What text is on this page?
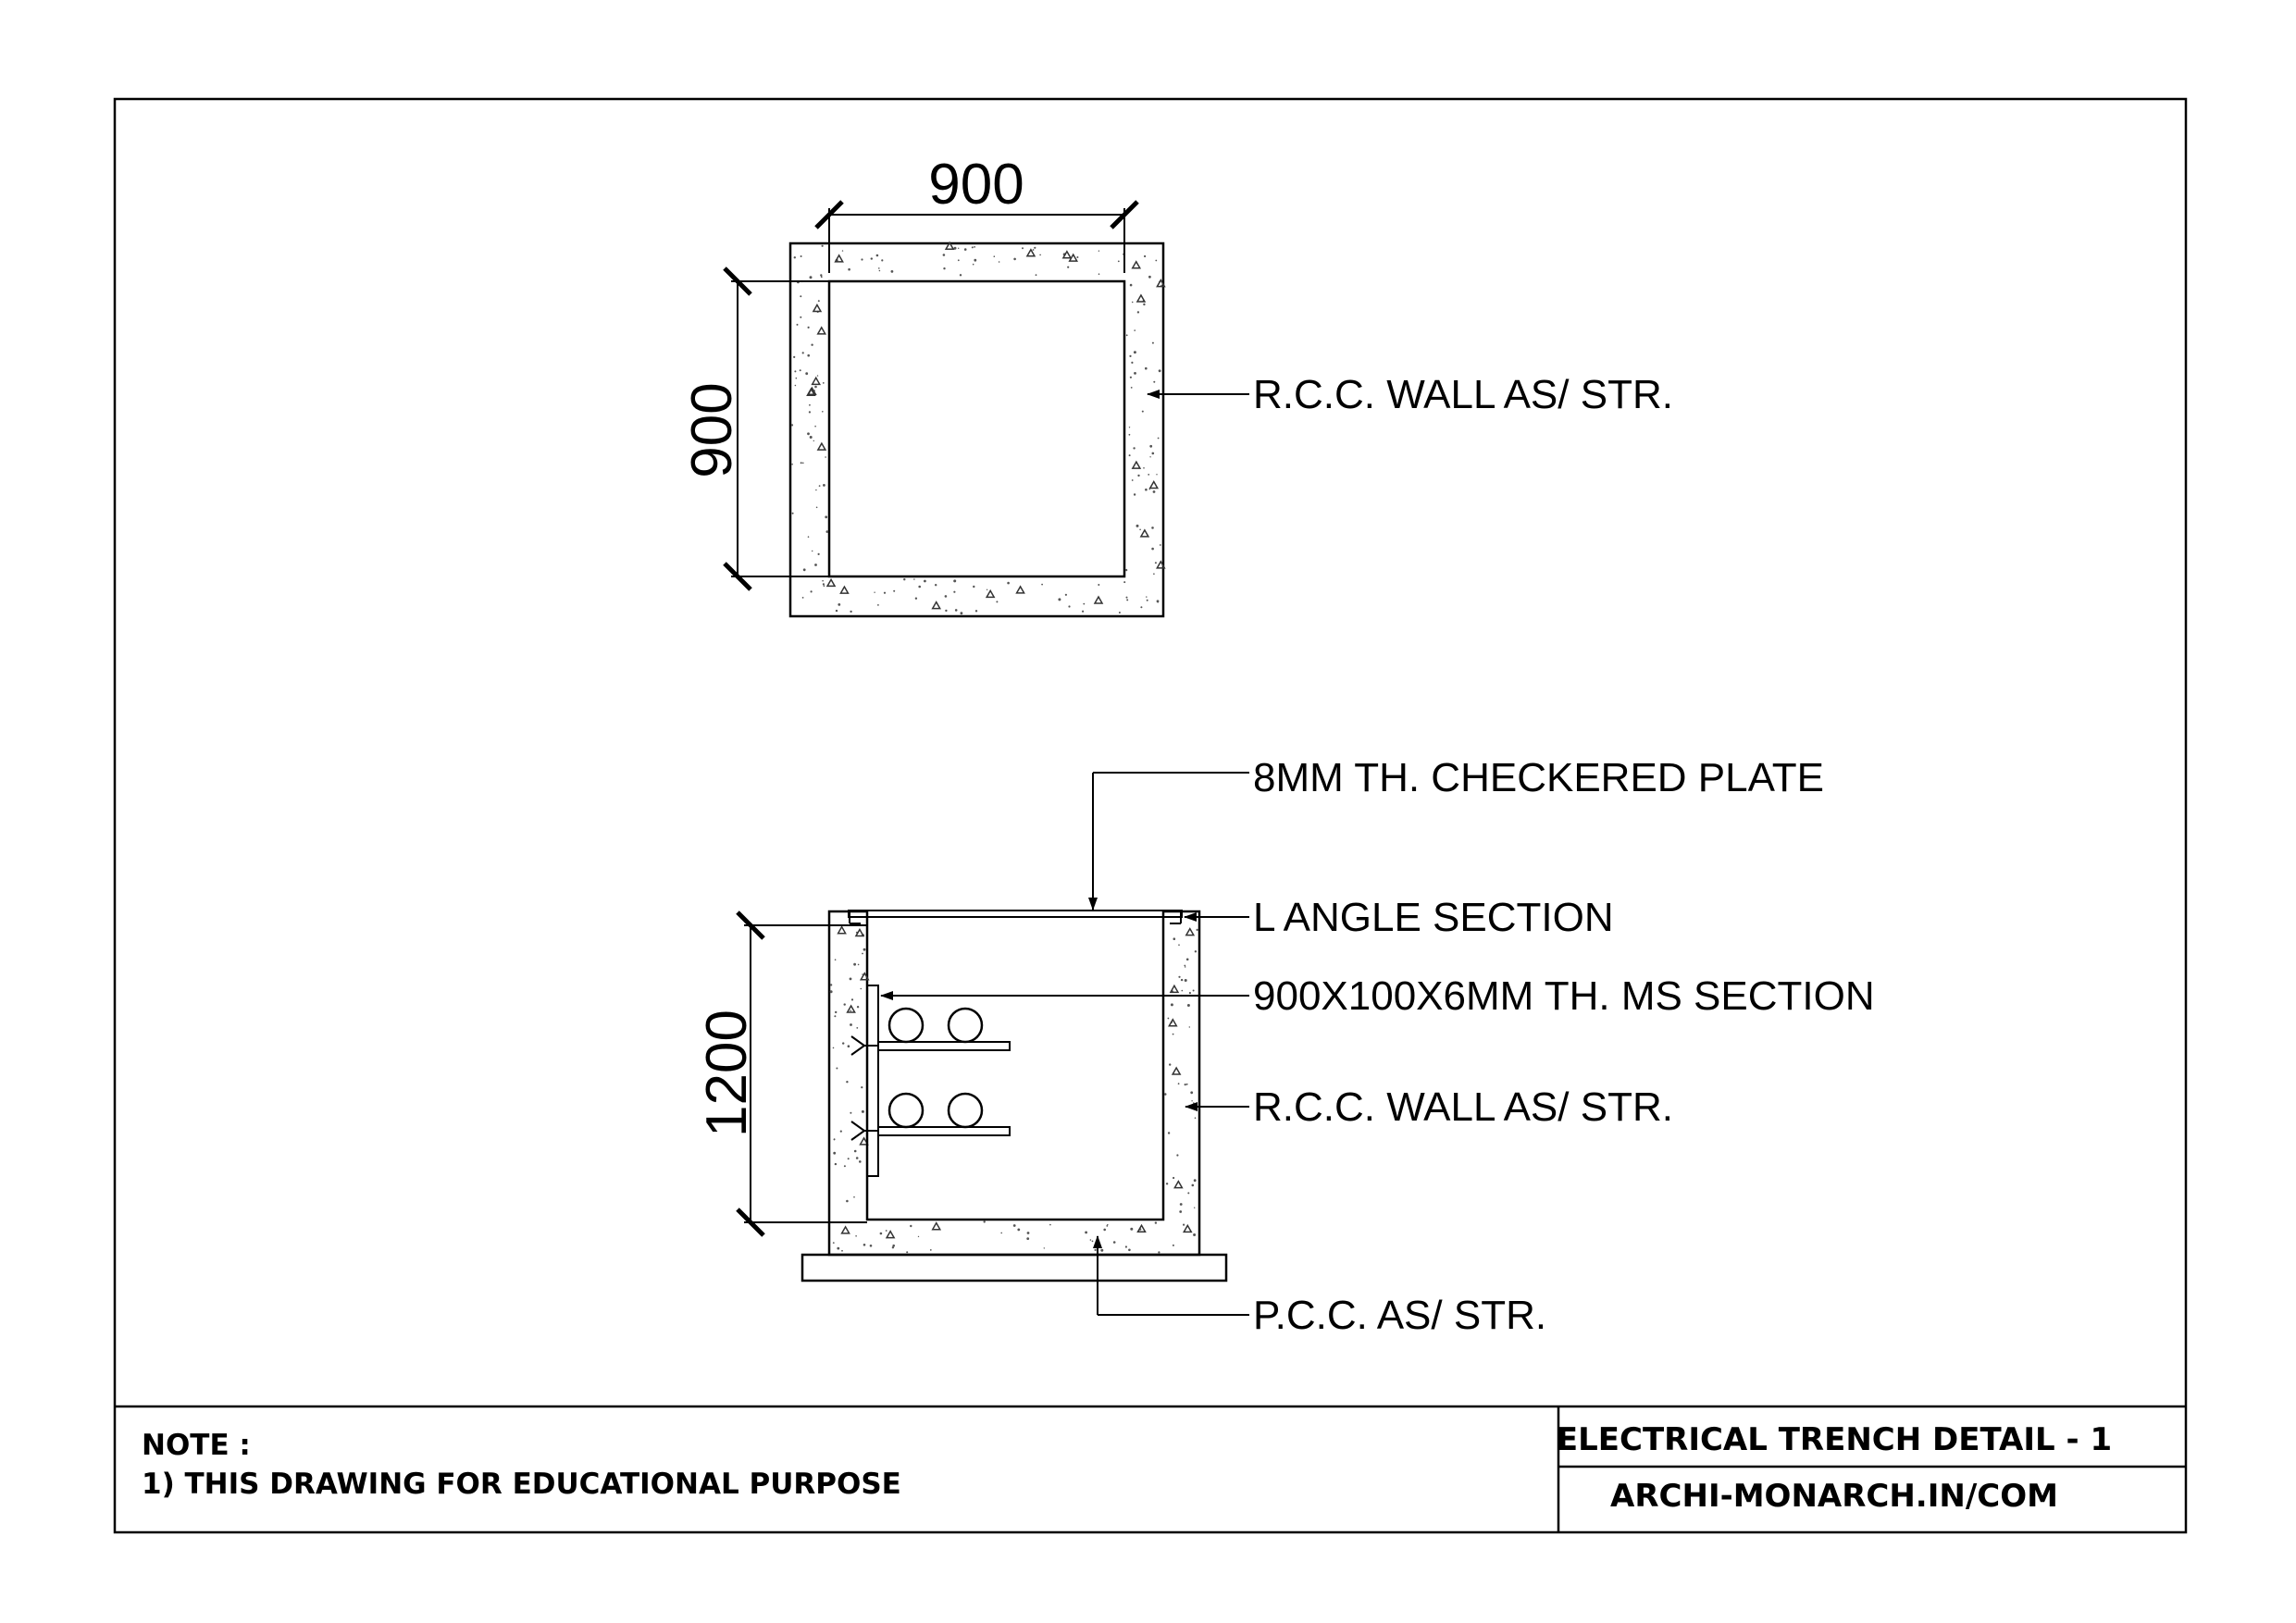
900
900	R.C.C. WALL AS/ STR.
1200
8MM TH. CHECKERED PLATE
L ANGLE SECTION
900X100X6MM TH. MS SECTION
R.C.C. WALL AS/ STR.
P.C.C. AS/ STR.
NOTE :
1) THIS DRAWING FOR EDUCATIONAL PURPOSE
ELECTRICAL TRENCH DETAIL - 1
ARCHI-MONARCH.IN/COM
